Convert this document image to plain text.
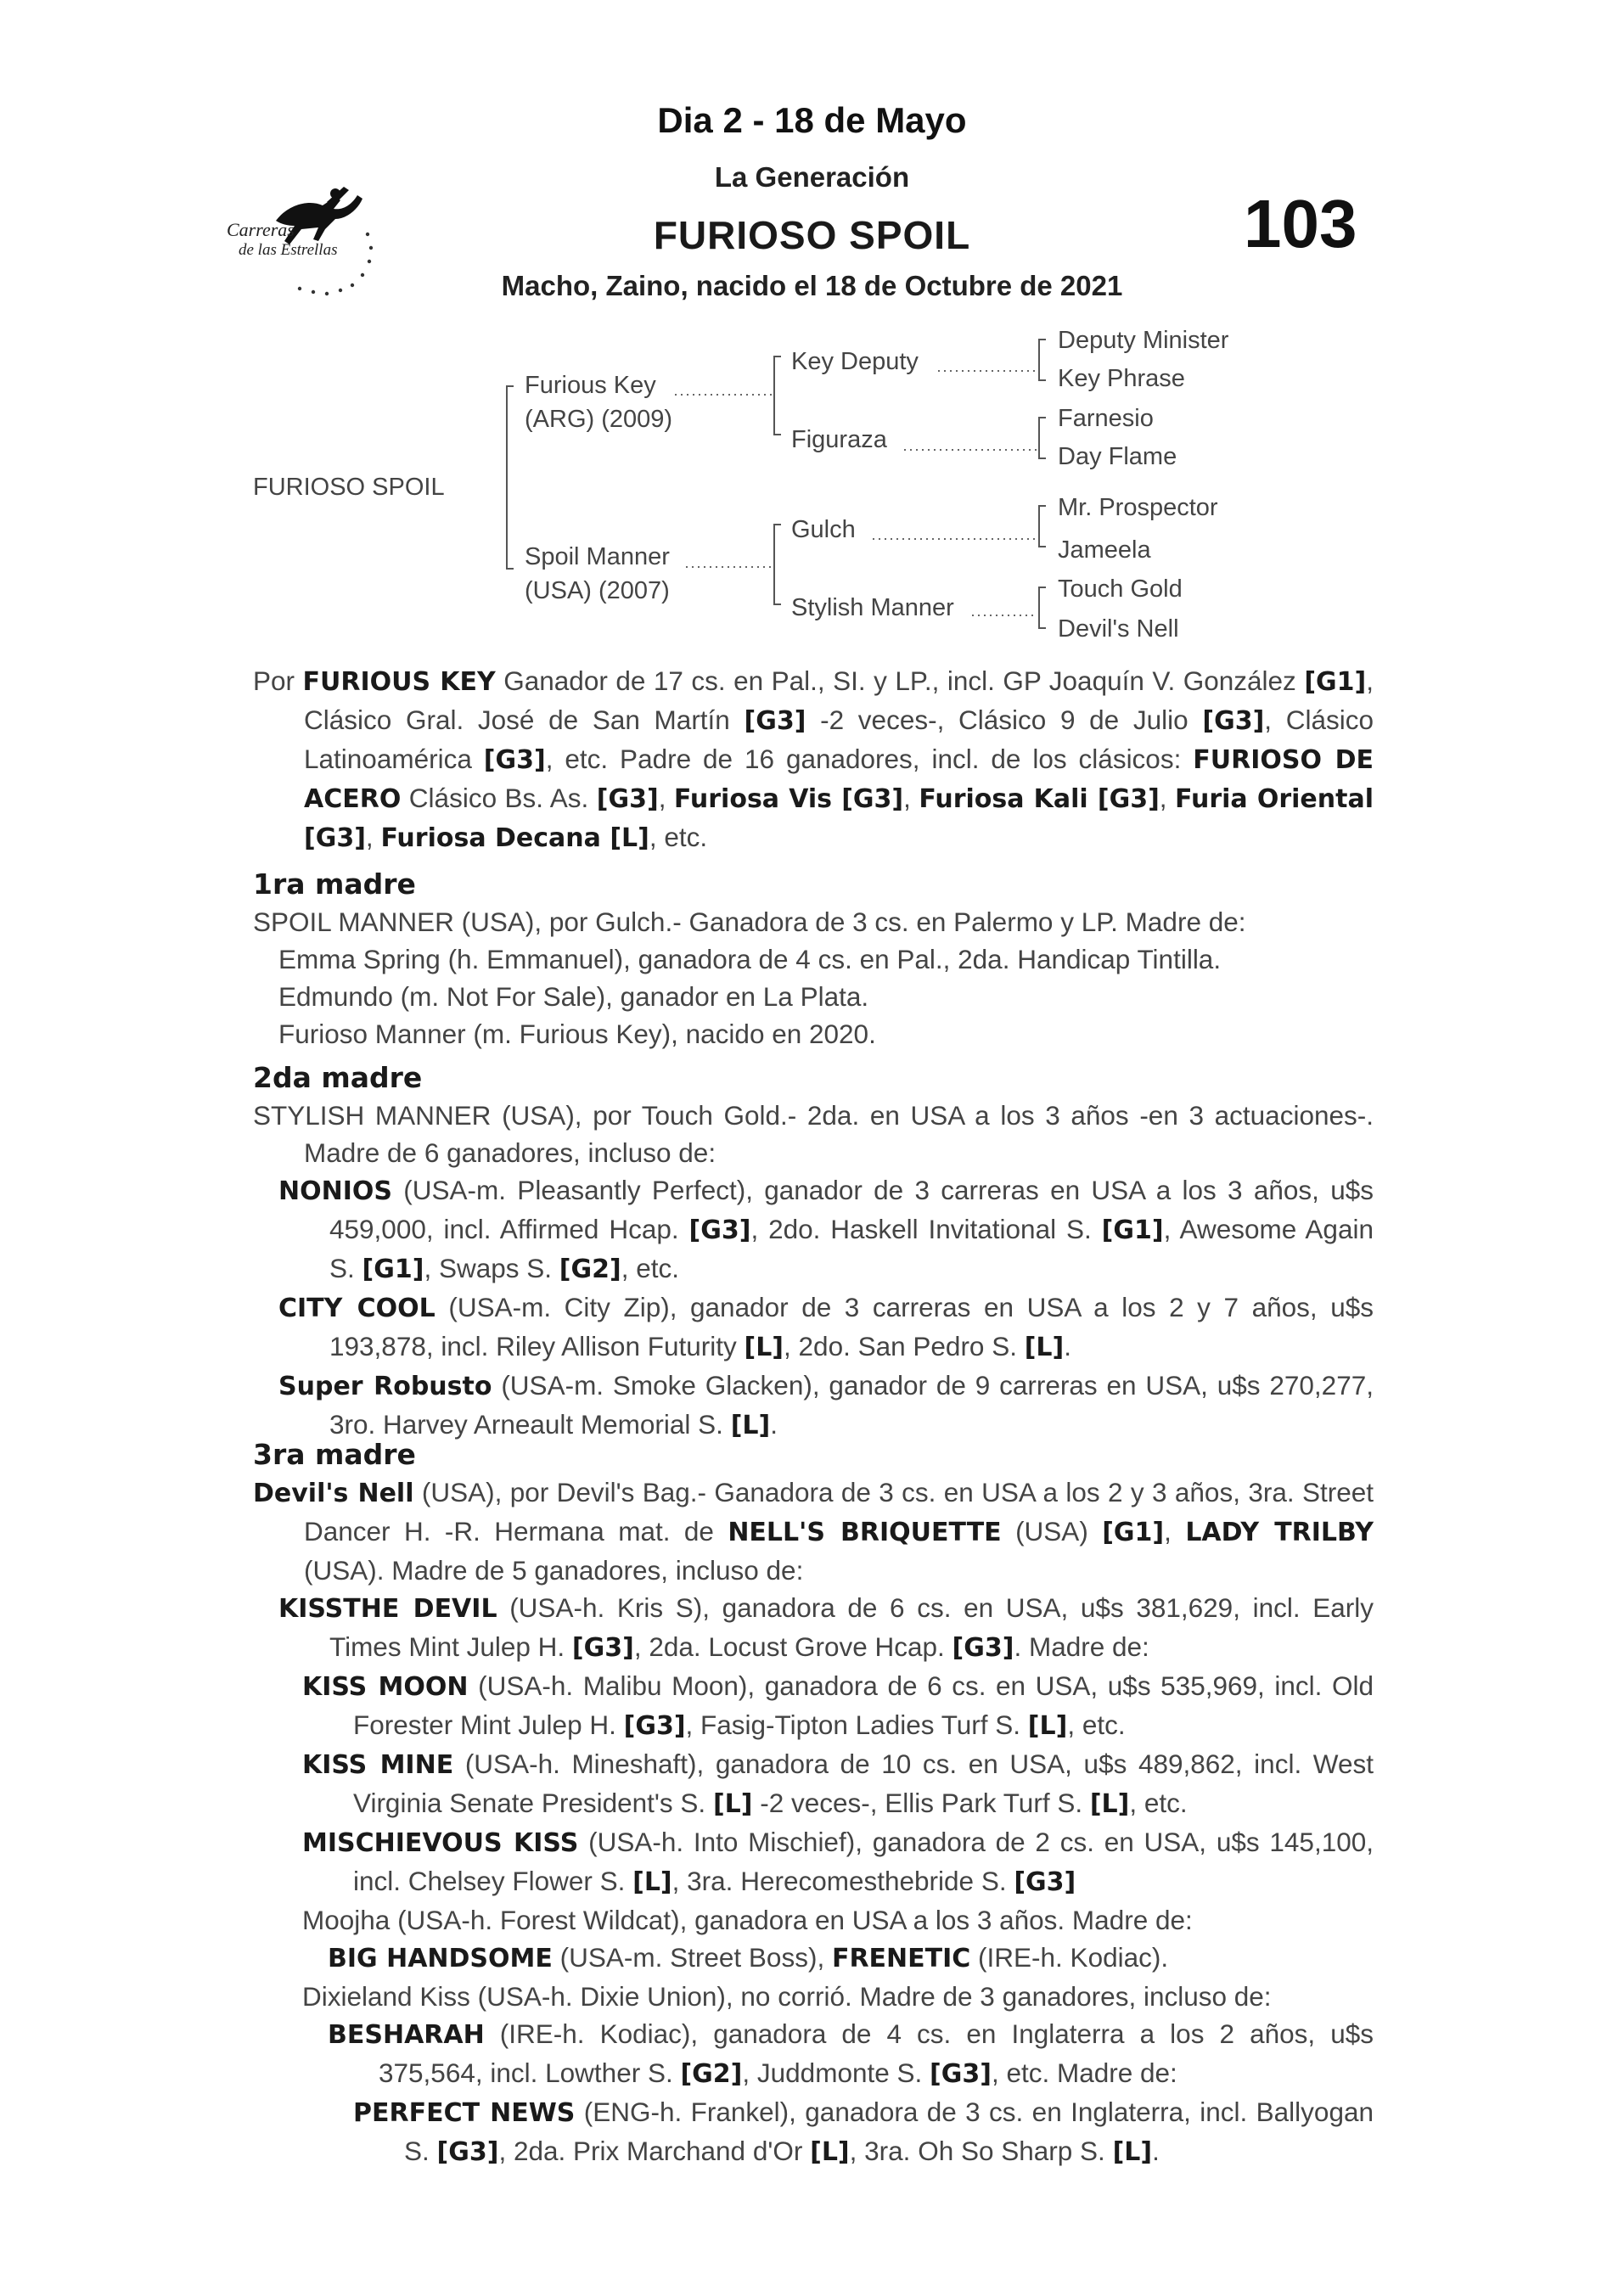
Dia 2 - 18 de Mayo
La Generación
FURIOSO SPOIL
Macho, Zaino, nacido el 18 de Octubre de 2021
103
Carreras
de las Estrellas
FURIOSO SPOIL
Furious Key
(ARG) (2009)
Spoil Manner
(USA) (2007)
Key Deputy
Figuraza
Gulch
Stylish Manner
Deputy Minister
Key Phrase
Farnesio
Day Flame
Mr. Prospector
Jameela
Touch Gold
Devil's Nell

Por FURIOUS KEY Ganador de 17 cs. en Pal., SI. y LP., incl. GP Joaquín V. González [G1], Clásico Gral. José de San Martín [G3] -2 veces-, Clásico 9 de Julio [G3], Clásico Latinoamérica [G3], etc. Padre de 16 ganadores, incl. de los clásicos: FURIOSO DE ACERO Clásico Bs. As. [G3], Furiosa Vis [G3], Furiosa Kali [G3], Furia Oriental [G3], Furiosa Decana [L], etc.

1ra madre

SPOIL MANNER (USA), por Gulch.- Ganadora de 3 cs. en Palermo y LP. Madre de:

Emma Spring (h. Emmanuel), ganadora de 4 cs. en Pal., 2da. Handicap Tintilla.

Edmundo (m. Not For Sale), ganador en La Plata.

Furioso Manner (m. Furious Key), nacido en 2020.

2da madre

STYLISH MANNER (USA), por Touch Gold.- 2da. en USA a los 3 años -en 3 actuaciones-. Madre de 6 ganadores, incluso de:

NONIOS (USA-m. Pleasantly Perfect), ganador de 3 carreras en USA a los 3 años, u$s 459,000, incl. Affirmed Hcap. [G3], 2do. Haskell Invitational S. [G1], Awesome Again S. [G1], Swaps S. [G2], etc.

CITY COOL (USA-m. City Zip), ganador de 3 carreras en USA a los 2 y 7 años, u$s 193,878, incl. Riley Allison Futurity [L], 2do. San Pedro S. [L].

Super Robusto (USA-m. Smoke Glacken), ganador de 9 carreras en USA, u$s 270,277, 3ro. Harvey Arneault Memorial S. [L].

3ra madre

Devil's Nell (USA), por Devil's Bag.- Ganadora de 3 cs. en USA a los 2 y 3 años, 3ra. Street Dancer H. -R. Hermana mat. de NELL'S BRIQUETTE (USA) [G1], LADY TRILBY (USA). Madre de 5 ganadores, incluso de:

KISSTHE DEVIL (USA-h. Kris S), ganadora de 6 cs. en USA, u$s 381,629, incl. Early Times Mint Julep H. [G3], 2da. Locust Grove Hcap. [G3]. Madre de:

KISS MOON (USA-h. Malibu Moon), ganadora de 6 cs. en USA, u$s 535,969, incl. Old Forester Mint Julep H. [G3], Fasig-Tipton Ladies Turf S. [L], etc.

KISS MINE (USA-h. Mineshaft), ganadora de 10 cs. en USA, u$s 489,862, incl. West Virginia Senate President's S. [L] -2 veces-, Ellis Park Turf S. [L], etc.

MISCHIEVOUS KISS (USA-h. Into Mischief), ganadora de 2 cs. en USA, u$s 145,100, incl. Chelsey Flower S. [L], 3ra. Herecomesthebride S. [G3]

Moojha (USA-h. Forest Wildcat), ganadora en USA a los 3 años. Madre de:

BIG HANDSOME (USA-m. Street Boss), FRENETIC (IRE-h. Kodiac).

Dixieland Kiss (USA-h. Dixie Union), no corrió. Madre de 3 ganadores, incluso de:

BESHARAH (IRE-h. Kodiac), ganadora de 4 cs. en Inglaterra a los 2 años, u$s 375,564, incl. Lowther S. [G2], Juddmonte S. [G3], etc. Madre de:

PERFECT NEWS (ENG-h. Frankel), ganadora de 3 cs. en Inglaterra, incl. Ballyogan S. [G3], 2da. Prix Marchand d'Or [L], 3ra. Oh So Sharp S. [L].
